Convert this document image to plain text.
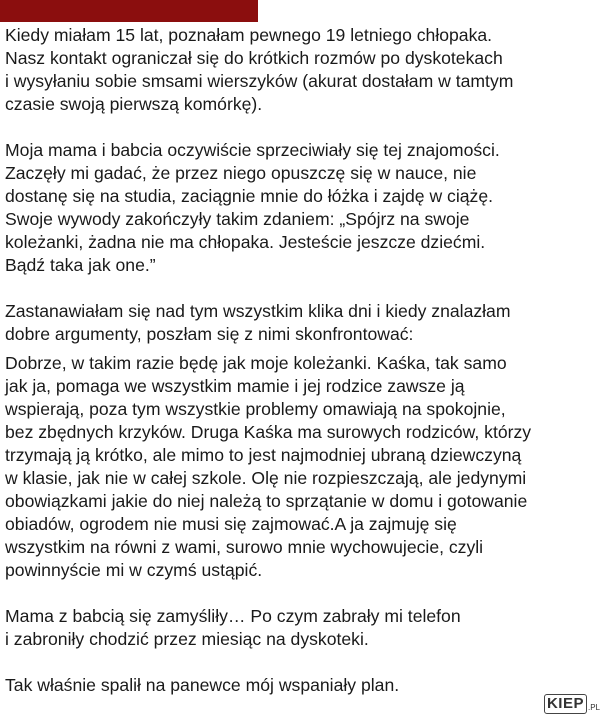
Kiedy miałam 15 lat, poznałam pewnego 19 letniego chłopaka.
Nasz kontakt ograniczał się do krótkich rozmów po dyskotekach
i wysyłaniu sobie smsami wierszyków (akurat dostałam w tamtym
czasie swoją pierwszą komórkę).

Moja mama i babcia oczywiście sprzeciwiały się tej znajomości.
Zaczęły mi gadać, że przez niego opuszczę się w nauce, nie
dostanę się na studia, zaciągnie mnie do łóżka i zajdę w ciążę.
Swoje wywody zakończyły takim zdaniem: „Spójrz na swoje
koleżanki, żadna nie ma chłopaka. Jesteście jeszcze dziećmi.
Bądź taka jak one.”

Zastanawiałam się nad tym wszystkim klika dni i kiedy znalazłam
dobre argumenty, poszłam się z nimi skonfrontować:

Dobrze, w takim razie będę jak moje koleżanki. Kaśka, tak samo
jak ja, pomaga we wszystkim mamie i jej rodzice zawsze ją
wspierają, poza tym wszystkie problemy omawiają na spokojnie,
bez zbędnych krzyków. Druga Kaśka ma surowych rodziców, którzy
trzymają ją krótko, ale mimo to jest najmodniej ubraną dziewczyną
w klasie, jak nie w całej szkole. Olę nie rozpieszczają, ale jedynymi
obowiązkami jakie do niej należą to sprzątanie w domu i gotowanie
obiadów, ogrodem nie musi się zajmować.A ja zajmuję się
wszystkim na równi z wami, surowo mnie wychowujecie, czyli
powinnyście mi w czymś ustąpić.

Mama z babcią się zamyśliły… Po czym zabrały mi telefon
i zabroniły chodzić przez miesiąc na dyskoteki.

Tak właśnie spalił na panewce mój wspaniały plan.

KIEP .PL
